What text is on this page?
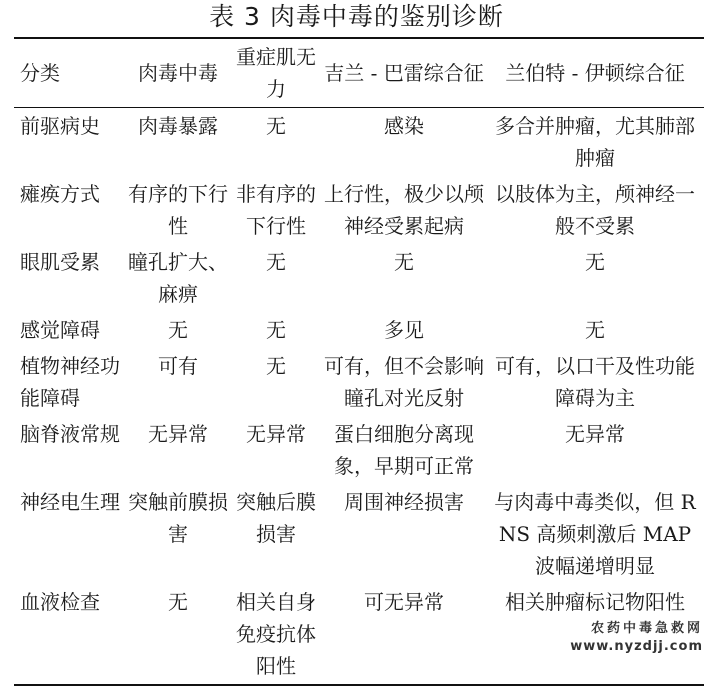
表 3 肉毒中毒的鉴别诊断
分类	肉毒中毒	重症肌无力	吉兰 - 巴雷综合征	兰伯特 - 伊顿综合征
前驱病史	肉毒暴露	无	感染	多合并肿瘤，尤其肺部 肿瘤
瘫痪方式	有序的下行性	非有序的下行性	上行性，极少以颅 神经受累起病	以肢体为主，颅神经一般不受累
眼肌受累	瞳孔扩大、麻痹	无	无	无
感觉障碍	无	无	多见	无
植物神经功能障碍	可有	无	可有，但不会影响 瞳孔对光反射	可有，以口干及性功能障碍为主
脑脊液常规	无异常	无异常	蛋白细胞分离现象，早期可正常	无异常
神经电生理	突触前膜损害	突触后膜损害	周围神经损害	与肉毒中毒类似，但 RNS 高频刺激后 MAP 波幅递增明显
血液检查	无	相关自身免疫抗体阳性	可无异常	相关肿瘤标记物阳性
农药中毒急救网
www.nyzdjj.com
